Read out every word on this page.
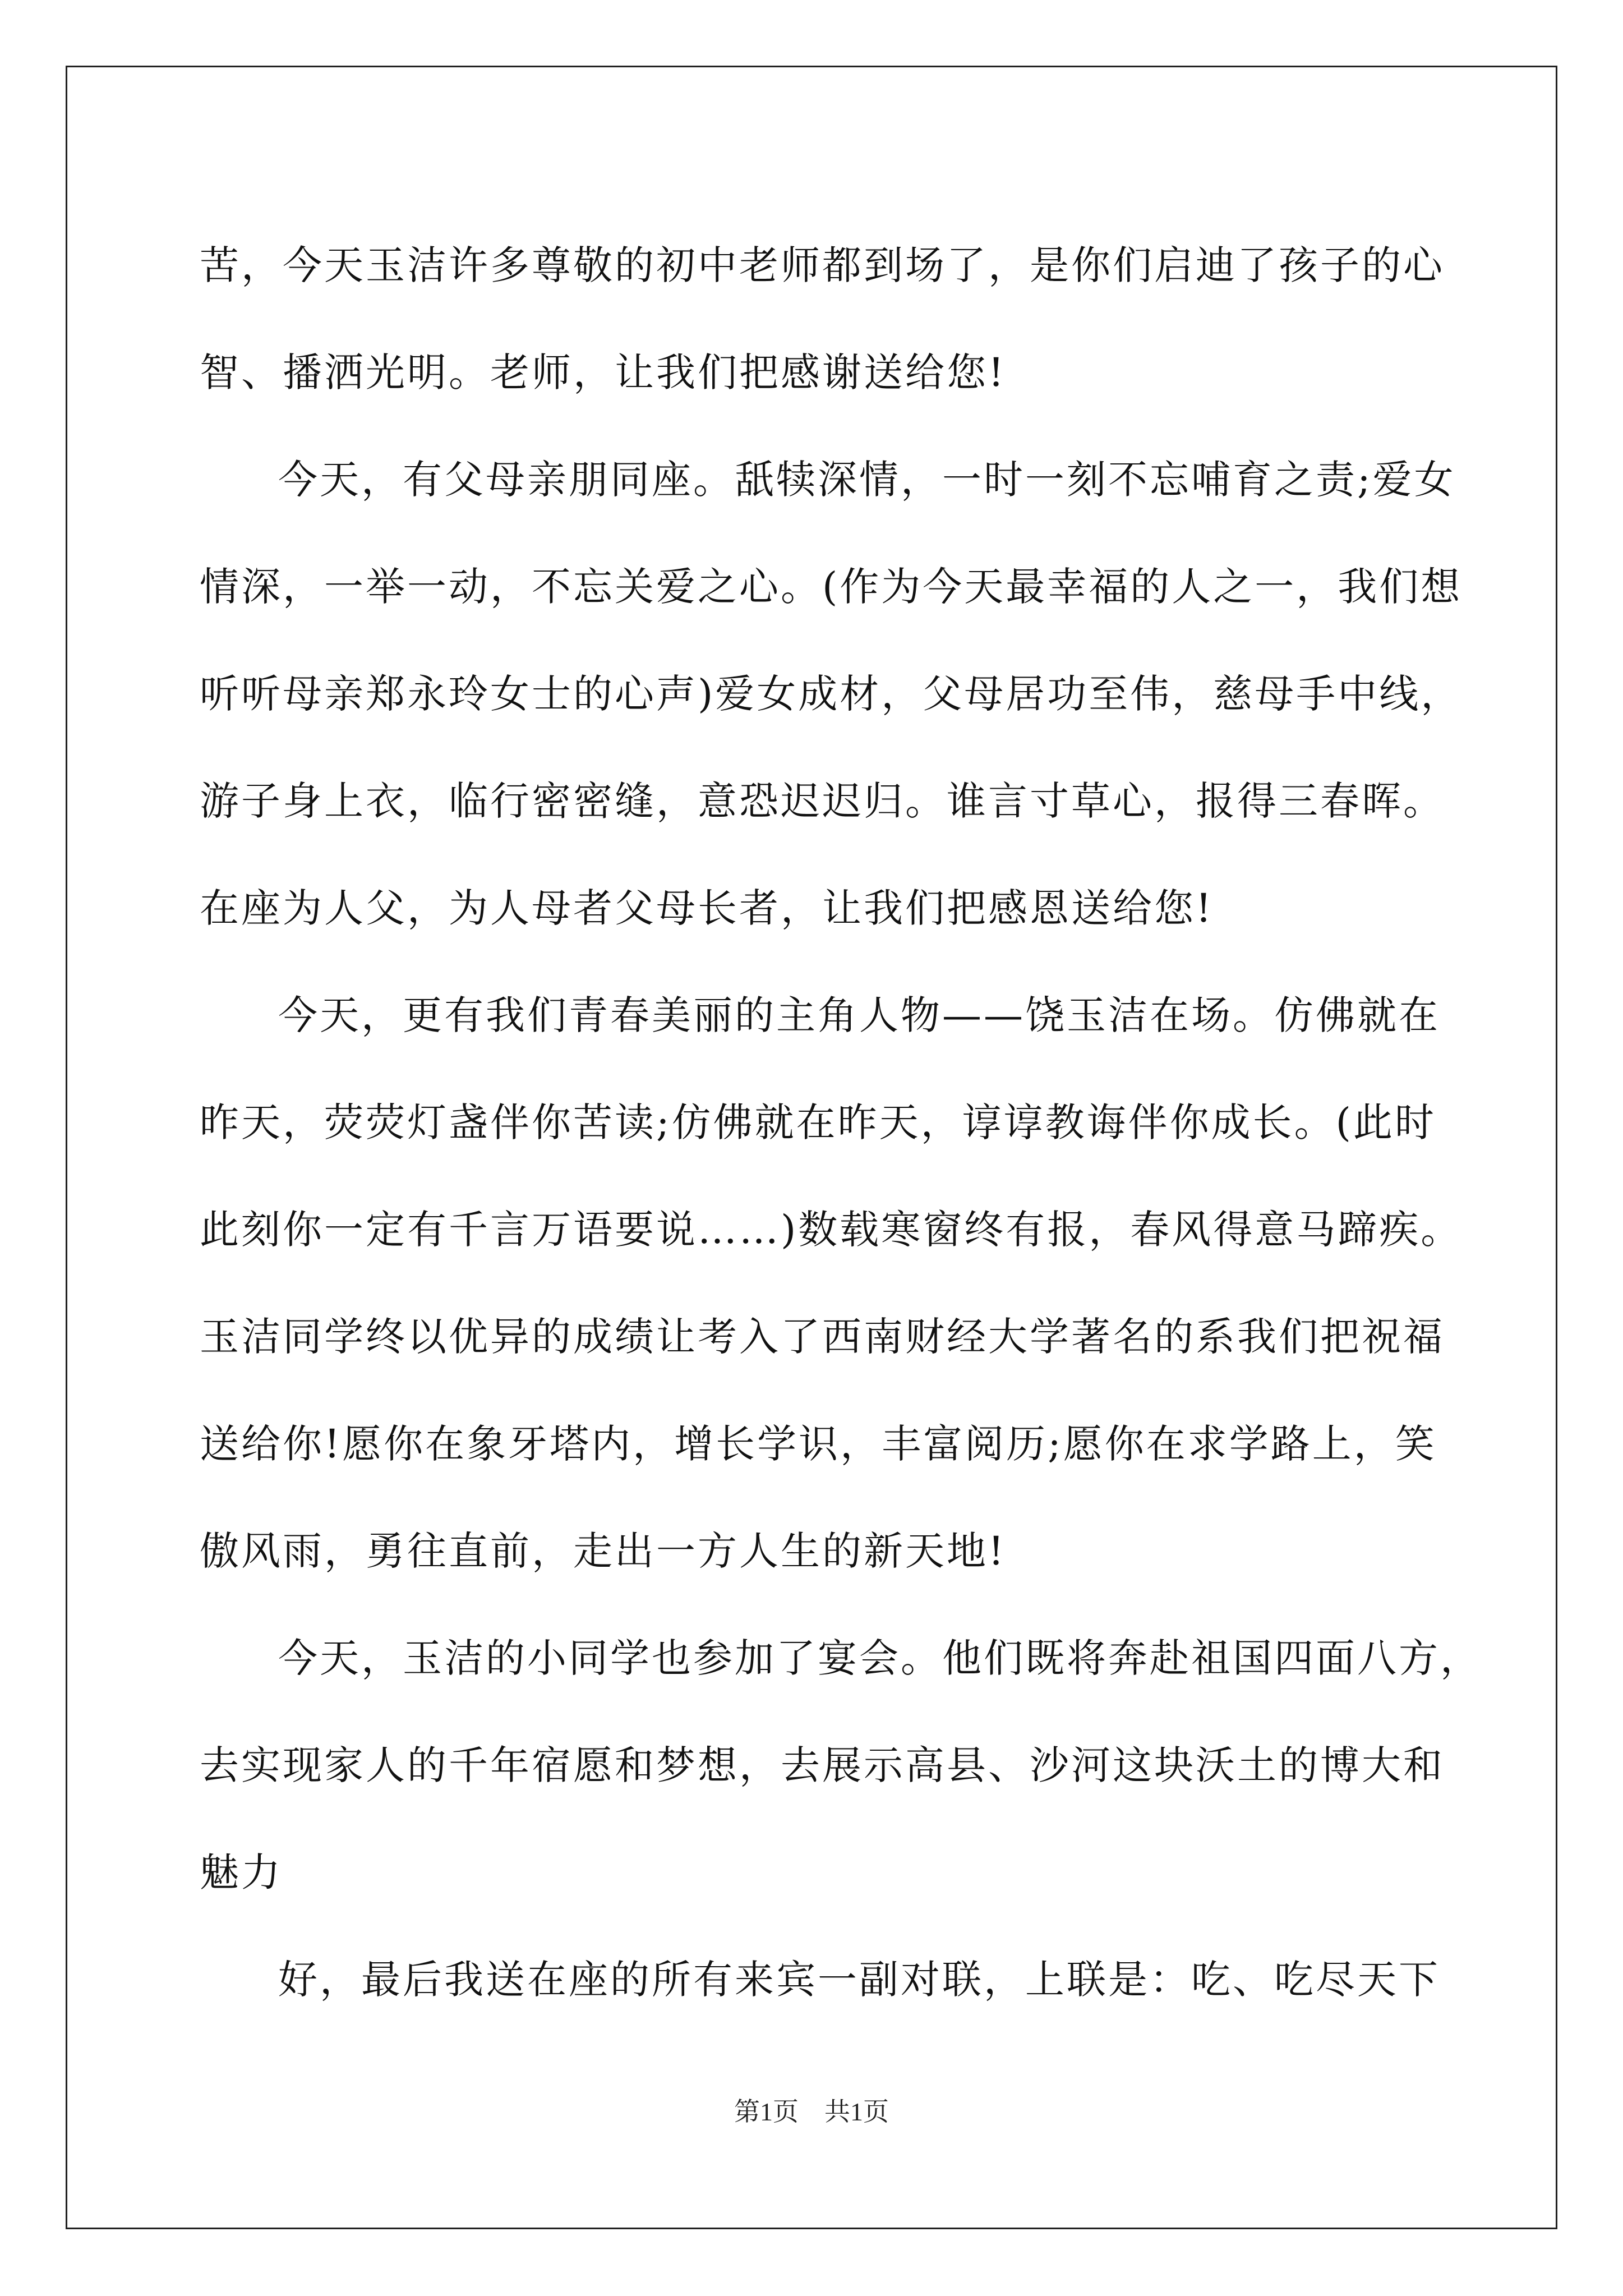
苦，今天玉洁许多尊敬的初中老师都到场了，是你们启迪了孩子的心
智、播洒光明。老师，让我们把感谢送给您!
今天，有父母亲朋同座。舐犊深情，一时一刻不忘哺育之责;爱女
情深，一举一动，不忘关爱之心。(作为今天最幸福的人之一，我们想
听听母亲郑永玲女士的心声)爱女成材，父母居功至伟，慈母手中线，
游子身上衣，临行密密缝，意恐迟迟归。谁言寸草心，报得三春晖。
在座为人父，为人母者父母长者，让我们把感恩送给您!
今天，更有我们青春美丽的主角人物——饶玉洁在场。仿佛就在
昨天，荧荧灯盏伴你苦读;仿佛就在昨天，谆谆教诲伴你成长。(此时
此刻你一定有千言万语要说……)数载寒窗终有报，春风得意马蹄疾。
玉洁同学终以优异的成绩让考入了西南财经大学著名的系我们把祝福
送给你!愿你在象牙塔内，增长学识，丰富阅历;愿你在求学路上，笑
傲风雨，勇往直前，走出一方人生的新天地!
今天，玉洁的小同学也参加了宴会。他们既将奔赴祖国四面八方，
去实现家人的千年宿愿和梦想，去展示高县、沙河这块沃土的博大和
魅力
好，最后我送在座的所有来宾一副对联，上联是：吃、吃尽天下
第1页 共1页
